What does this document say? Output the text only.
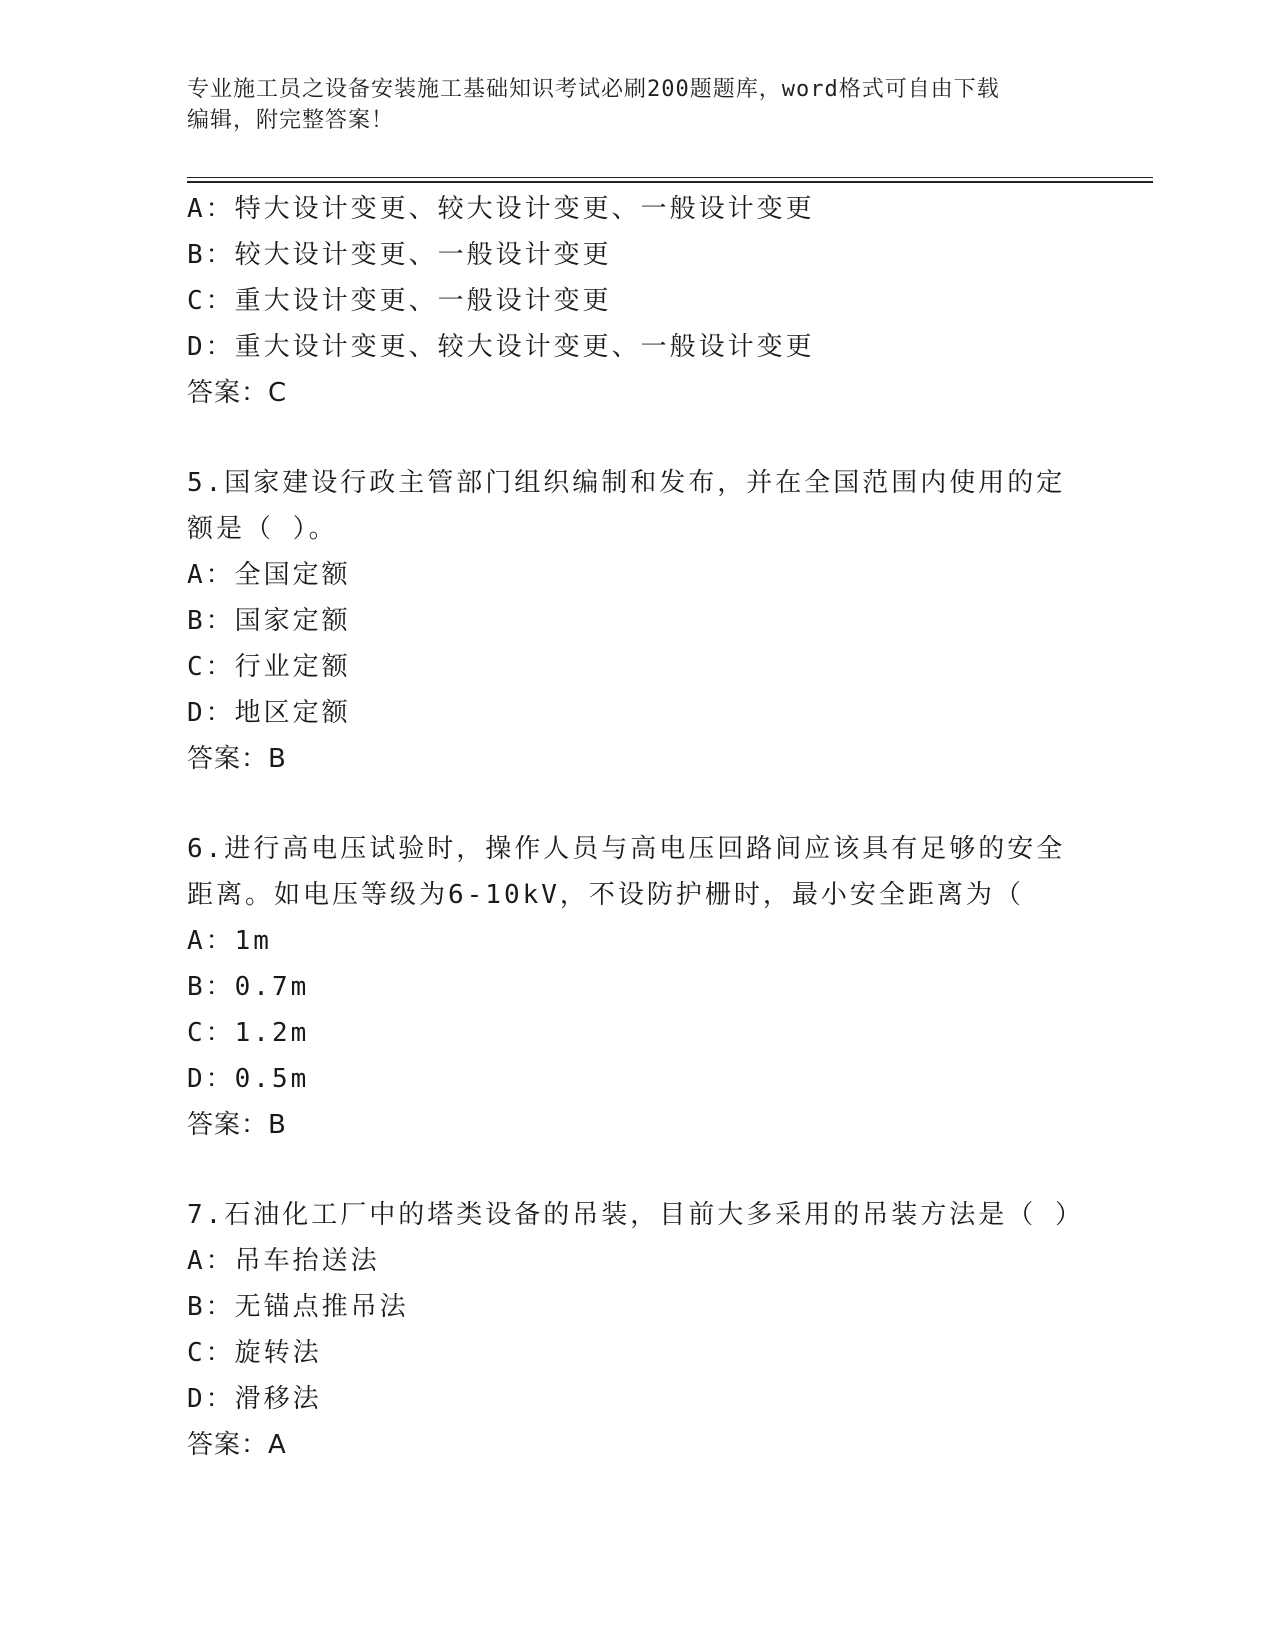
专业施工员之设备安装施工基础知识考试必刷200题题库，word格式可自由下载
编辑，附完整答案！
A：特大设计变更、较大设计变更、一般设计变更
B：较大设计变更、一般设计变更
C：重大设计变更、一般设计变更
D：重大设计变更、较大设计变更、一般设计变更
答案：C
5.国家建设行政主管部门组织编制和发布，并在全国范围内使用的定
额是（ ）。
A：全国定额
B：国家定额
C：行业定额
D：地区定额
答案：B
6.进行高电压试验时，操作人员与高电压回路间应该具有足够的安全
距离。如电压等级为6-10kV，不设防护栅时，最小安全距离为（
A：1m
B：0.7m
C：1.2m
D：0.5m
答案：B
7.石油化工厂中的塔类设备的吊装，目前大多采用的吊装方法是（ ）
A：吊车抬送法
B：无锚点推吊法
C：旋转法
D：滑移法
答案：A
